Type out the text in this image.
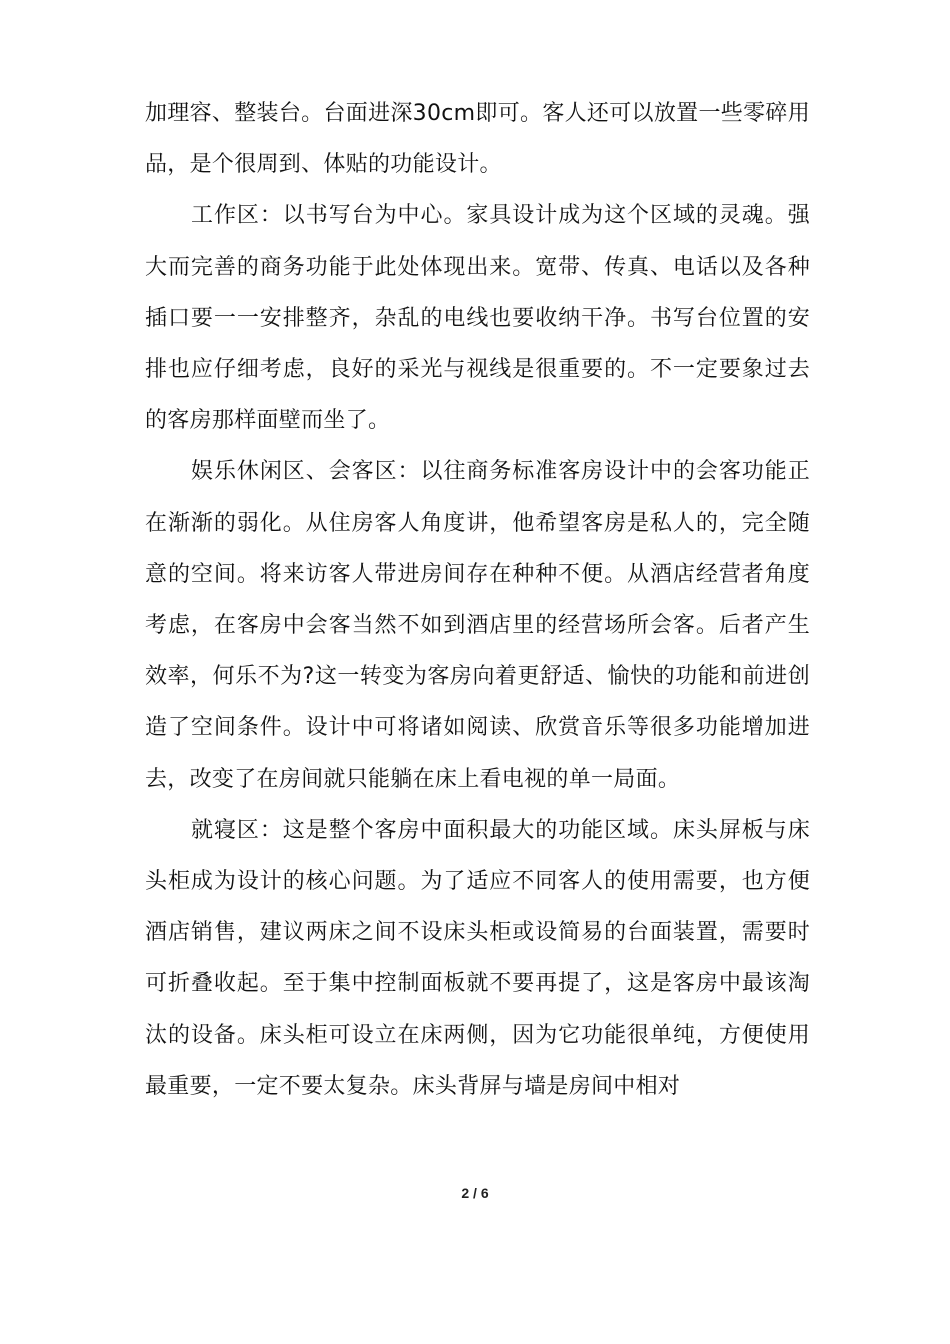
加理容、整装台。台面进深30cm即可。客人还可以放置一些零碎用品，是个很周到、体贴的功能设计。

工作区：以书写台为中心。家具设计成为这个区域的灵魂。强大而完善的商务功能于此处体现出来。宽带、传真、电话以及各种插口要一一安排整齐，杂乱的电线也要收纳干净。书写台位置的安排也应仔细考虑，良好的采光与视线是很重要的。不一定要象过去的客房那样面壁而坐了。

娱乐休闲区、会客区：以往商务标准客房设计中的会客功能正在渐渐的弱化。从住房客人角度讲，他希望客房是私人的，完全随意的空间。将来访客人带进房间存在种种不便。从酒店经营者角度考虑，在客房中会客当然不如到酒店里的经营场所会客。后者产生效率，何乐不为?这一转变为客房向着更舒适、愉快的功能和前进创造了空间条件。设计中可将诸如阅读、欣赏音乐等很多功能增加进去，改变了在房间就只能躺在床上看电视的单一局面。

就寝区：这是整个客房中面积最大的功能区域。床头屏板与床头柜成为设计的核心问题。为了适应不同客人的使用需要，也方便酒店销售，建议两床之间不设床头柜或设简易的台面装置，需要时可折叠收起。至于集中控制面板就不要再提了，这是客房中最该淘汰的设备。床头柜可设立在床两侧，因为它功能很单纯，方便使用最重要，一定不要太复杂。床头背屏与墙是房间中相对

2 / 6
